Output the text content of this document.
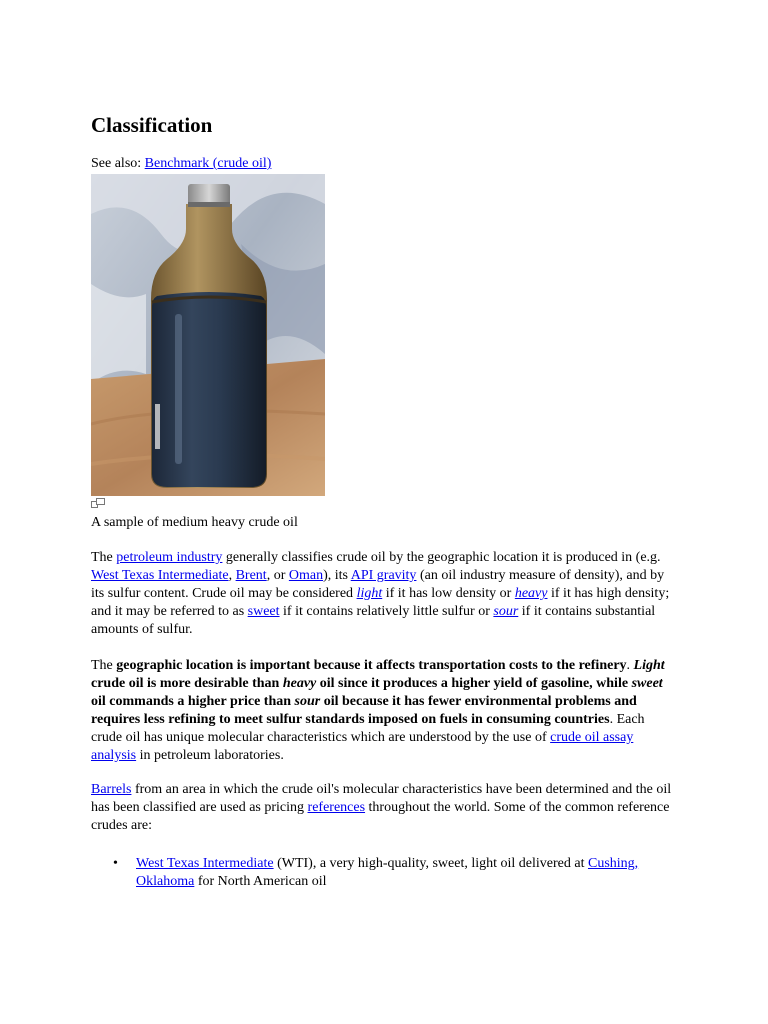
Classification
See also: Benchmark (crude oil)
A sample of medium heavy crude oil

The petroleum industry generally classifies crude oil by the geographic location it is produced in (e.g. West Texas Intermediate, Brent, or Oman), its API gravity (an oil industry measure of density), and by its sulfur content. Crude oil may be considered light if it has low density or heavy if it has high density; and it may be referred to as sweet if it contains relatively little sulfur or sour if it contains substantial amounts of sulfur.

The geographic location is important because it affects transportation costs to the refinery. Light crude oil is more desirable than heavy oil since it produces a higher yield of gasoline, while sweet oil commands a higher price than sour oil because it has fewer environmental problems and requires less refining to meet sulfur standards imposed on fuels in consuming countries. Each crude oil has unique molecular characteristics which are understood by the use of crude oil assay analysis in petroleum laboratories.

Barrels from an area in which the crude oil's molecular characteristics have been determined and the oil has been classified are used as pricing references throughout the world. Some of the common reference crudes are:

• West Texas Intermediate (WTI), a very high-quality, sweet, light oil delivered at Cushing, Oklahoma for North American oil
